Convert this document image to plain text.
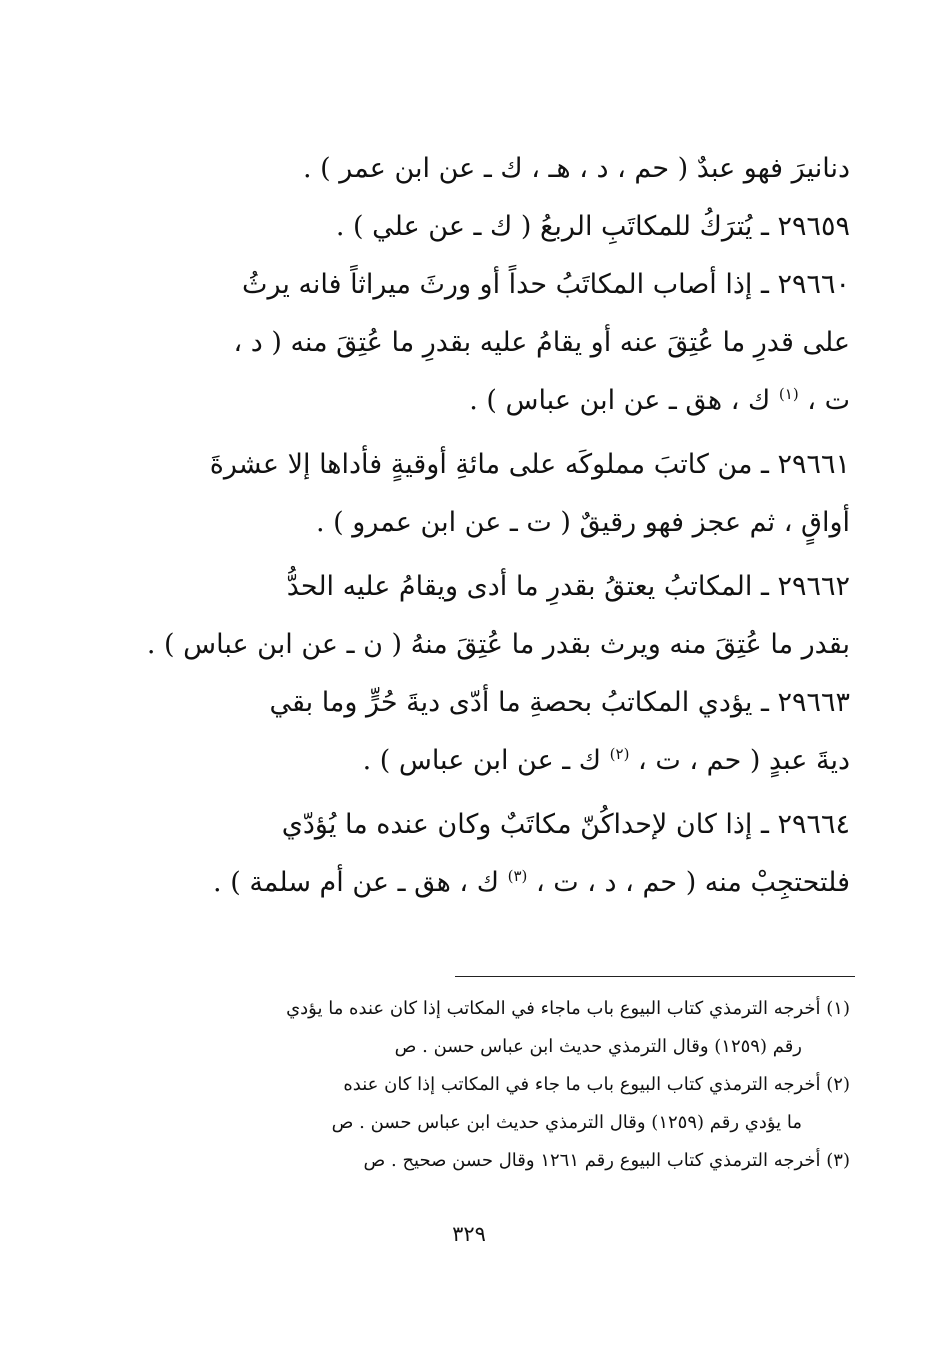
دنانيرَ فهو عبدٌ ( حم ، د ، هـ ، ك ـ عن ابن عمر ) .
٢٩٦٥٩ ـ يُترَكُ للمكاتَبِ الربعُ ( ك ـ عن علي ) .
٢٩٦٦٠ ـ إذا أصاب المكاتَبُ حداً أو ورثَ ميراثاً فانه يرثُ
على قدرِ ما عُتِقَ عنه أو يقامُ عليه بقدرِ ما عُتِقَ منه ( د ،
ت ، $^{(١)}$ ك ، هق ـ عن ابن عباس ) .
٢٩٦٦١ ـ من كاتبَ مملوكَه على مائةِ أوقيةٍ فأداها إلا عشرةَ
أواقٍ ، ثم عجز فهو رقيقٌ ( ت ـ عن ابن عمرو ) .
٢٩٦٦٢ ـ المكاتبُ يعتقُ بقدرِ ما أدى ويقامُ عليه الحدُّ
بقدر ما عُتِقَ منه ويرث بقدر ما عُتِقَ منهُ ( ن ـ عن ابن عباس ) .
٢٩٦٦٣ ـ يؤدي المكاتبُ بحصةِ ما أدّى ديةَ حُرٍّ وما بقي
ديةَ عبدٍ ( حم ، ت ، $^{(٢)}$ ك ـ عن ابن عباس ) .
٢٩٦٦٤ ـ إذا كان لإحداكُنّ مكاتَبٌ وكان عنده ما يُؤدّي
فلتحتجِبْ منه ( حم ، د ، ت ، $^{(٣)}$ ك ، هق ـ عن أم سلمة ) .
(١) أخرجه الترمذي كتاب البيوع باب ماجاء في المكاتب إذا كان عنده ما يؤدي
رقم (١٢٥٩) وقال الترمذي حديث ابن عباس حسن . ص
(٢) أخرجه الترمذي كتاب البيوع باب ما جاء في المكاتب إذا كان عنده
ما يؤدي رقم (١٢٥٩) وقال الترمذي حديث ابن عباس حسن . ص
(٣) أخرجه الترمذي كتاب البيوع رقم ١٢٦١ وقال حسن صحيح . ص
٣٢٩
